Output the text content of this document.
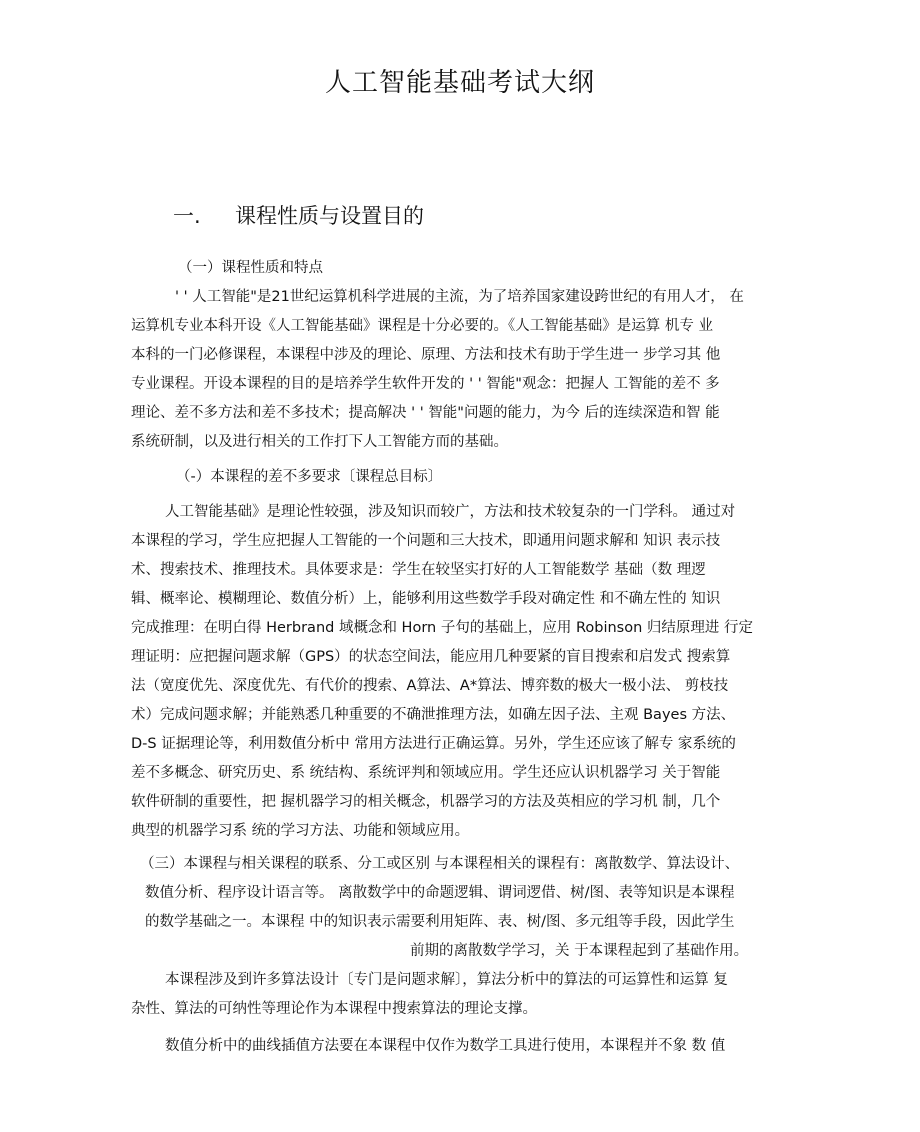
人工智能基础考试大纲
一. 课程性质与设置目的
（一）课程性质和特点
' ' 人工智能"是21世纪运算机科学进展的主流，为了培养国家建设跨世纪的有用人才， 在
运算机专业本科开设《人工智能基础》课程是十分必要的。《人工智能基础》是运算 机专 业
本科的一门必修课程，本课程中涉及的理论、原理、方法和技术有助于学生进一 步学习其 他
专业课程。开设本课程的目的是培养学生软件开发的 ' ' 智能"观念：把握人 工智能的差不 多
理论、差不多方法和差不多技术；提高解决 ' ' 智能"问题的能力，为今 后的连续深造和智 能
系统研制，以及进行相关的工作打下人工智能方而的基础。
（-）本课程的差不多要求〔课程总目标〕
人工智能基础》是理论性较强，涉及知识而较广，方法和技术较复杂的一门学科。 通过对
本课程的学习，学生应把握人工智能的一个问题和三大技术，即通用问题求解和 知识 表示技
术、搜索技术、推理技术。具体要求是：学生在较坚实打好的人工智能数学 基础（数 理逻
辑、概率论、模糊理论、数值分析）上，能够利用这些数学手段对确定性 和不确左性的 知识
完成推理：在明白得 Herbrand 域概念和 Horn 子句的基础上，应用 Robinson 归结原理进 行定
理证明：应把握问题求解（GPS）的状态空间法，能应用几种要紧的盲目搜索和启发式 搜索算
法（宽度优先、深度优先、有代价的搜索、A算法、A*算法、博弈数的极大一极小法、 剪枝技
术）完成问题求解；并能熟悉几种重要的不确泄推理方法，如确左因子法、主观 Bayes 方法、
D-S 证据理论等，利用数值分析中 常用方法进行正确运算。另外，学生还应该了解专 家系统的
差不多概念、研究历史、系 统结构、系统评判和领域应用。学生还应认识机器学习 关于智能
软件研制的重要性，把 握机器学习的相关概念，机器学习的方法及英相应的学习机 制，几个
典型的机器学习系 统的学习方法、功能和领域应用。
（三）本课程与相关课程的联系、分工或区别 与本课程相关的课程有：离散数学、算法设计、
数值分析、程序设计语言等。 离散数学中的命题逻辑、谓词逻借、树/图、表等知识是本课程
的数学基础之一。本课程 中的知识表示需要利用矩阵、表、树/图、多元组等手段，因此学生
前期的离散数学学习，关 于本课程起到了基础作用。
本课程涉及到许多算法设计〔专门是问题求解〕，算法分析中的算法的可运算性和运算 复
杂性、算法的可纳性等理论作为本课程中搜索算法的理论支撑。
数值分析中的曲线插值方法要在本课程中仅作为数学工具进行使用，本课程并不象 数 值
